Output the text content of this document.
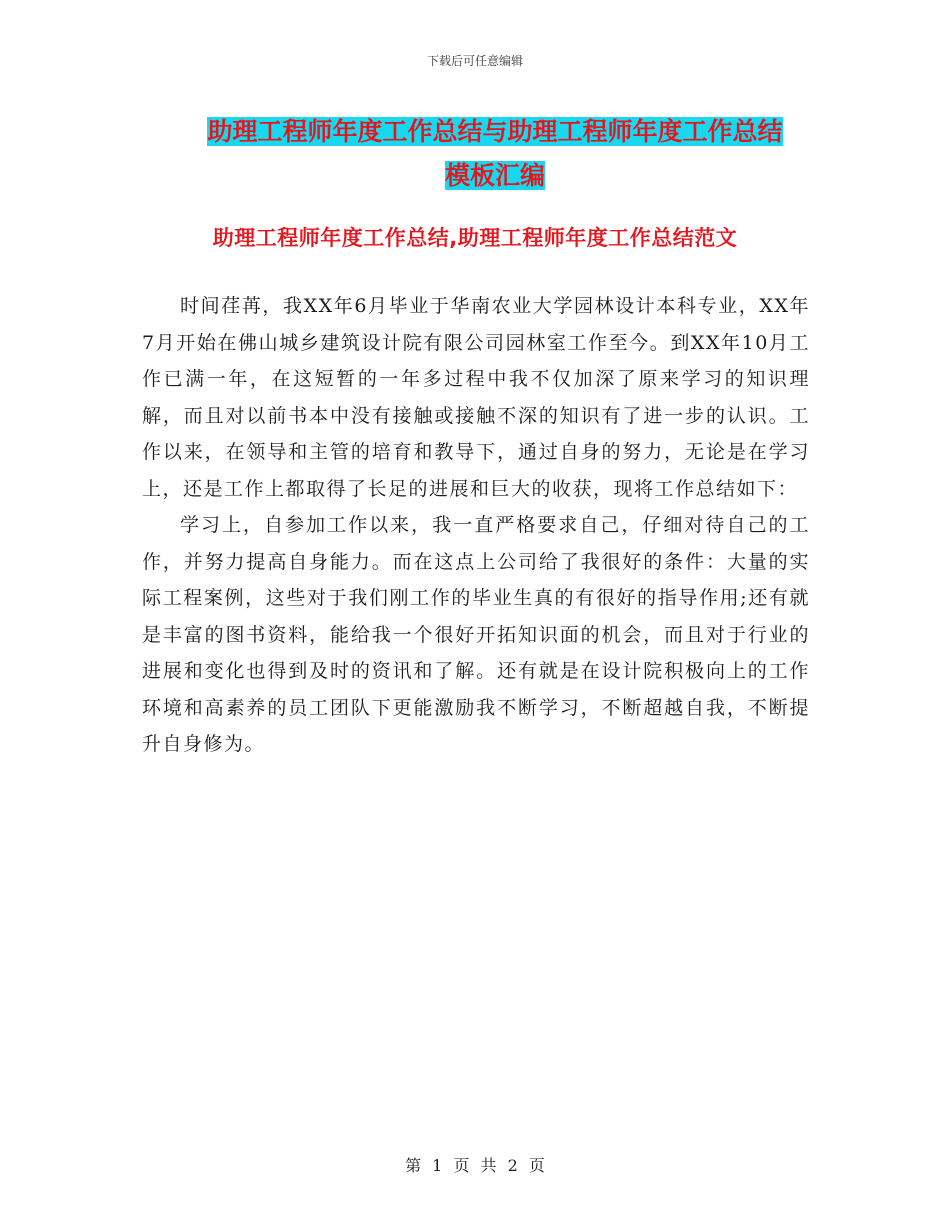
下载后可任意编辑
助理工程师年度工作总结与助理工程师年度工作总结
模板汇编
助理工程师年度工作总结,助理工程师年度工作总结范文

时间荏苒，我XX年6月毕业于华南农业大学园林设计本科专业，XX年7月开始在佛山城乡建筑设计院有限公司园林室工作至今。到XX年10月工作已满一年，在这短暂的一年多过程中我不仅加深了原来学习的知识理解，而且对以前书本中没有接触或接触不深的知识有了进一步的认识。工作以来，在领导和主管的培育和教导下，通过自身的努力，无论是在学习上，还是工作上都取得了长足的进展和巨大的收获，现将工作总结如下：

学习上，自参加工作以来，我一直严格要求自己，仔细对待自己的工作，并努力提高自身能力。而在这点上公司给了我很好的条件：大量的实际工程案例，这些对于我们刚工作的毕业生真的有很好的指导作用;还有就是丰富的图书资料，能给我一个很好开拓知识面的机会，而且对于行业的进展和变化也得到及时的资讯和了解。还有就是在设计院积极向上的工作环境和高素养的员工团队下更能激励我不断学习，不断超越自我，不断提升自身修为。

第 1 页 共 2 页
